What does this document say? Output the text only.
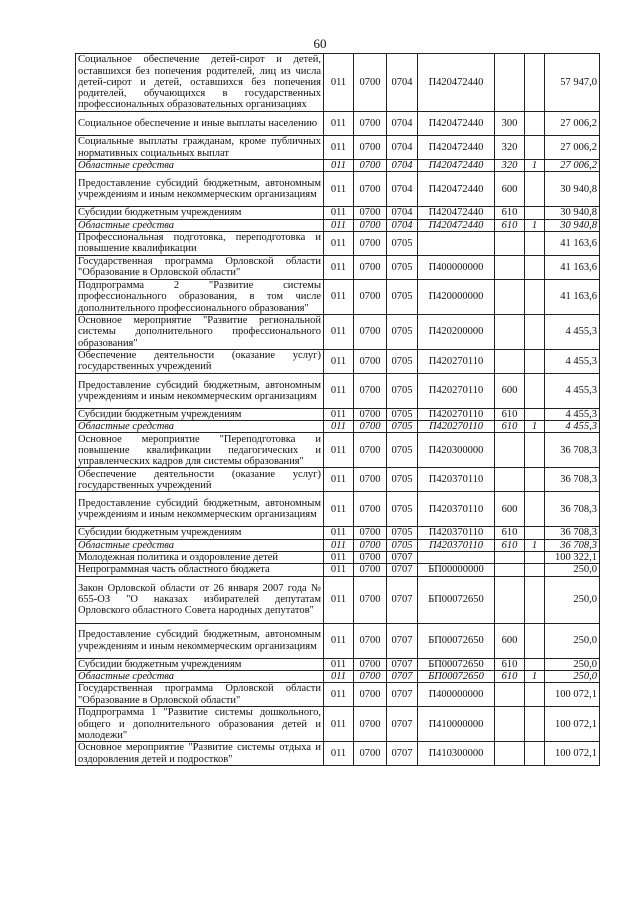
60
Социальное обеспечение детей-сирот и детей, оставшихся без попечения родителей, лиц из числа детей-сирот и детей, оставшихся без попечения родителей, обучающихся в государственных профессиональных образовательных организациях	011	0700	0704	П420472440			57 947,0
Социальное обеспечение и иные выплаты населению	011	0700	0704	П420472440	300		27 006,2
Социальные выплаты гражданам, кроме публичных нормативных социальных выплат	011	0700	0704	П420472440	320		27 006,2
Областные средства	011	0700	0704	П420472440	320	1	27 006,2
Предоставление субсидий бюджетным, автономным учреждениям и иным некоммерческим организациям	011	0700	0704	П420472440	600		30 940,8
Субсидии бюджетным учреждениям	011	0700	0704	П420472440	610		30 940,8
Областные средства	011	0700	0704	П420472440	610	1	30 940,8
Профессиональная подготовка, переподготовка и повышение квалификации	011	0700	0705				41 163,6
Государственная программа Орловской области "Образование в Орловской области"	011	0700	0705	П400000000			41 163,6
Подпрограмма 2 "Развитие системы профессионального образования, в том числе дополнительного профессионального образования"	011	0700	0705	П420000000			41 163,6
Основное мероприятие "Развитие региональной системы дополнительного профессионального образования"	011	0700	0705	П420200000			4 455,3
Обеспечение деятельности (оказание услуг) государственных учреждений	011	0700	0705	П420270110			4 455,3
Предоставление субсидий бюджетным, автономным учреждениям и иным некоммерческим организациям	011	0700	0705	П420270110	600		4 455,3
Субсидии бюджетным учреждениям	011	0700	0705	П420270110	610		4 455,3
Областные средства	011	0700	0705	П420270110	610	1	4 455,3
Основное мероприятие "Переподготовка и повышение квалификации педагогических и управленческих кадров для системы образования"	011	0700	0705	П420300000			36 708,3
Обеспечение деятельности (оказание услуг) государственных учреждений	011	0700	0705	П420370110			36 708,3
Предоставление субсидий бюджетным, автономным учреждениям и иным некоммерческим организациям	011	0700	0705	П420370110	600		36 708,3
Субсидии бюджетным учреждениям	011	0700	0705	П420370110	610		36 708,3
Областные средства	011	0700	0705	П420370110	610	1	36 708,3
Молодежная политика и оздоровление детей	011	0700	0707				100 322,1
Непрограммная часть областного бюджета	011	0700	0707	БП00000000			250,0
Закон Орловской области от 26 января 2007 года № 655-ОЗ "О наказах избирателей депутатам Орловского областного Совета народных депутатов"	011	0700	0707	БП00072650			250,0
Предоставление субсидий бюджетным, автономным учреждениям и иным некоммерческим организациям	011	0700	0707	БП00072650	600		250,0
Субсидии бюджетным учреждениям	011	0700	0707	БП00072650	610		250,0
Областные средства	011	0700	0707	БП00072650	610	1	250,0
Государственная программа Орловской области "Образование в Орловской области"	011	0700	0707	П400000000			100 072,1
Подпрограмма 1 "Развитие системы дошкольного, общего и дополнительного образования детей и молодежи"	011	0700	0707	П410000000			100 072,1
Основное мероприятие "Развитие системы отдыха и оздоровления детей и подростков"	011	0700	0707	П410300000			100 072,1
